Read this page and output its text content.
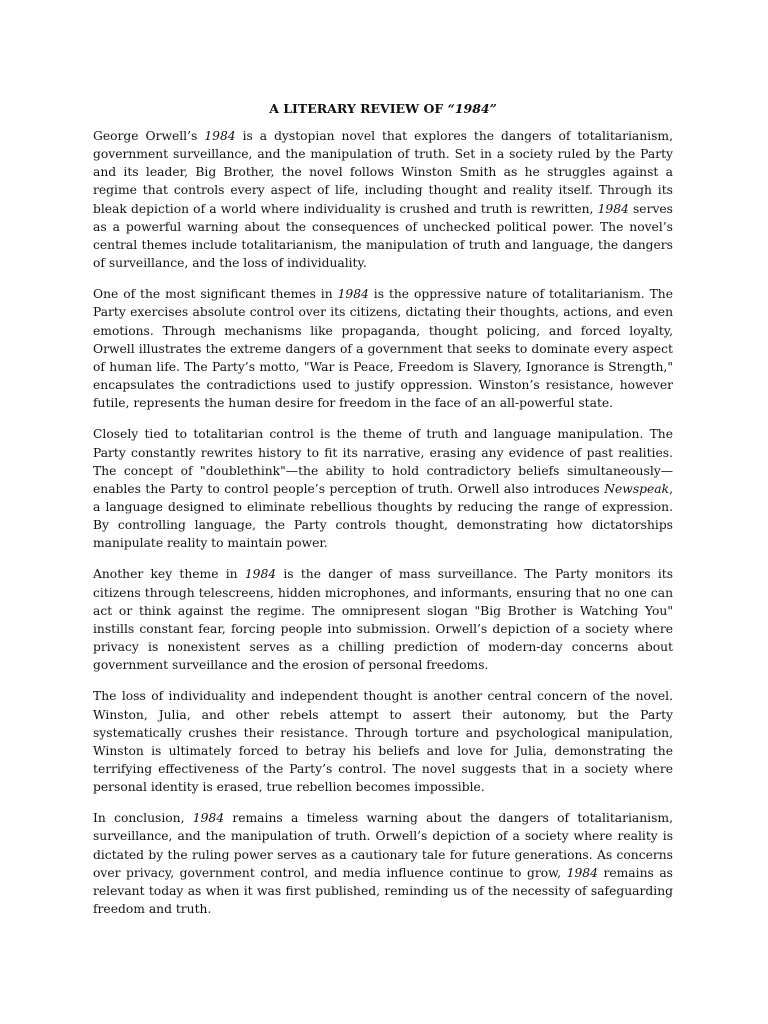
A LITERARY REVIEW OF “1984”

George Orwell’s 1984 is a dystopian novel that explores the dangers of totalitarianism, government surveillance, and the manipulation of truth. Set in a society ruled by the Party and its leader, Big Brother, the novel follows Winston Smith as he struggles against a regime that controls every aspect of life, including thought and reality itself. Through its bleak depiction of a world where individuality is crushed and truth is rewritten, 1984 serves as a powerful warning about the consequences of unchecked political power. The novel’s central themes include totalitarianism, the manipulation of truth and language, the dangers of surveillance, and the loss of individuality.

One of the most significant themes in 1984 is the oppressive nature of totalitarianism. The Party exercises absolute control over its citizens, dictating their thoughts, actions, and even emotions. Through mechanisms like propaganda, thought policing, and forced loyalty, Orwell illustrates the extreme dangers of a government that seeks to dominate every aspect of human life. The Party’s motto, "War is Peace, Freedom is Slavery, Ignorance is Strength," encapsulates the contradictions used to justify oppression. Winston’s resistance, however futile, represents the human desire for freedom in the face of an all-powerful state.

Closely tied to totalitarian control is the theme of truth and language manipulation. The Party constantly rewrites history to fit its narrative, erasing any evidence of past realities. The concept of "doublethink"—the ability to hold contradictory beliefs simultaneously—enables the Party to control people’s perception of truth. Orwell also introduces Newspeak, a language designed to eliminate rebellious thoughts by reducing the range of expression. By controlling language, the Party controls thought, demonstrating how dictatorships manipulate reality to maintain power.

Another key theme in 1984 is the danger of mass surveillance. The Party monitors its citizens through telescreens, hidden microphones, and informants, ensuring that no one can act or think against the regime. The omnipresent slogan "Big Brother is Watching You" instills constant fear, forcing people into submission. Orwell’s depiction of a society where privacy is nonexistent serves as a chilling prediction of modern-day concerns about government surveillance and the erosion of personal freedoms.

The loss of individuality and independent thought is another central concern of the novel. Winston, Julia, and other rebels attempt to assert their autonomy, but the Party systematically crushes their resistance. Through torture and psychological manipulation, Winston is ultimately forced to betray his beliefs and love for Julia, demonstrating the terrifying effectiveness of the Party’s control. The novel suggests that in a society where personal identity is erased, true rebellion becomes impossible.

In conclusion, 1984 remains a timeless warning about the dangers of totalitarianism, surveillance, and the manipulation of truth. Orwell’s depiction of a society where reality is dictated by the ruling power serves as a cautionary tale for future generations. As concerns over privacy, government control, and media influence continue to grow, 1984 remains as relevant today as when it was first published, reminding us of the necessity of safeguarding freedom and truth.
